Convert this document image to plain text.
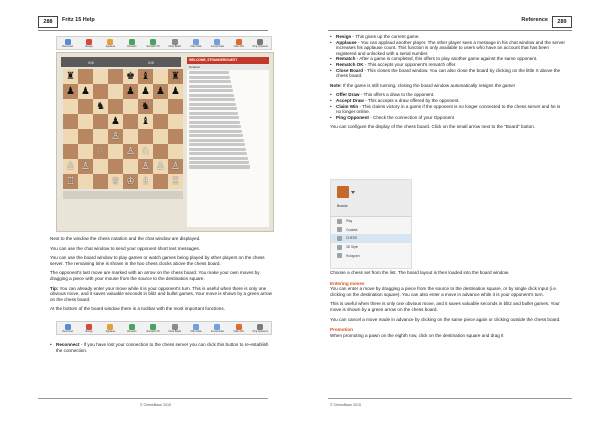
288	Fritz 15 Help
Reconnect	Resign	Applause	Rematch	Rematch OK	Close Board	Offer Draw	Accept Draw	Claim Win	Ping Opponent
0:5	0:5
♜	♚ ♝	♜
♟ ♟	♟ ♟ ♟ ♟
♞	♞
♟	♝
♙
♘	♙ ♘
♙ ♙	♙ ♙ ♙
♖	♕ ♔ ♗	♖
WELCOME, STRANGER/GUEST
Notation

Next to the window the chess notation and the chat window are displayed.

You can use the chat window to send your opponent short text messages.

You can use the board window to play games or watch games being played by other players on the chess server. The remaining time is shown in the two chess clocks above the chess board.

The opponent's last move are marked with an arrow on the chess board. You make your own moves by dragging a piece with your mouse from the source to the destination square.

Tip: You can already enter your move while it is your opponent's turn. This is useful when there is only one obvious move, and it saves valuable seconds in blitz and bullet games. Your move is shown by a green arrow on the chess board.

At the bottom of the board window there is a toolbar with the most important functions.

Reconnect	Resign	Applause	Rematch	Rematch OK	Close Board	Offer Draw	Accept Draw	Claim Win	Ping Opponent

• Reconnect - If you have lost your connection to the chess server you can click this button to re-establish the connection.

© ChessBase 2015
Reference	289

• Resign - This gives up the current game.

• Applause - You can applaud another player. The other player sees a message in his chat window and the server increases his applause count. This function is only available to users who have an account that has been registered and unlocked with a serial number.

• Rematch - After a game is completed, this offers to play another game against the same opponent.

• Rematch OK - This accepts your opponent's rematch offer.

• Close Board - This closes the board window. You can also close the board by clicking on the little X above the chess board.

Note: If the game is still running, closing the board window automatically resigns the game!

• Offer Draw - This offers a draw to the opponent.

• Accept Draw - This accepts a draw offered by the opponent.

• Claim Win - This claims victory in a game if the opponent is no longer connected to the chess server and he is no longer online.

• Ping Opponent - Check the connection of your Opponent

You can configure the display of the chess board. Click on the small arrow next to the "Board" button.

Choose a chess set from the list. The board layout is then loaded into the board window.

Entering moves

You can enter a move by dragging a piece from the source to the destination square, or by single click input (i.e. clicking on the destination square). You can also enter a move in advance while it is your opponent's turn.

This is useful when there is only one obvious move, and it saves valuable seconds in blitz and bullet games. Your move is shown by a green arrow on the chess board.

You can cancel a move made in advance by clicking on the same piece again or clicking outside the chess board.

Promotion

When promoting a pawn on the eighth row, click on the destination square and drag it

© ChessBase 2015
Boards
Play
Crystals
CHESS
3D Style
Hologram
